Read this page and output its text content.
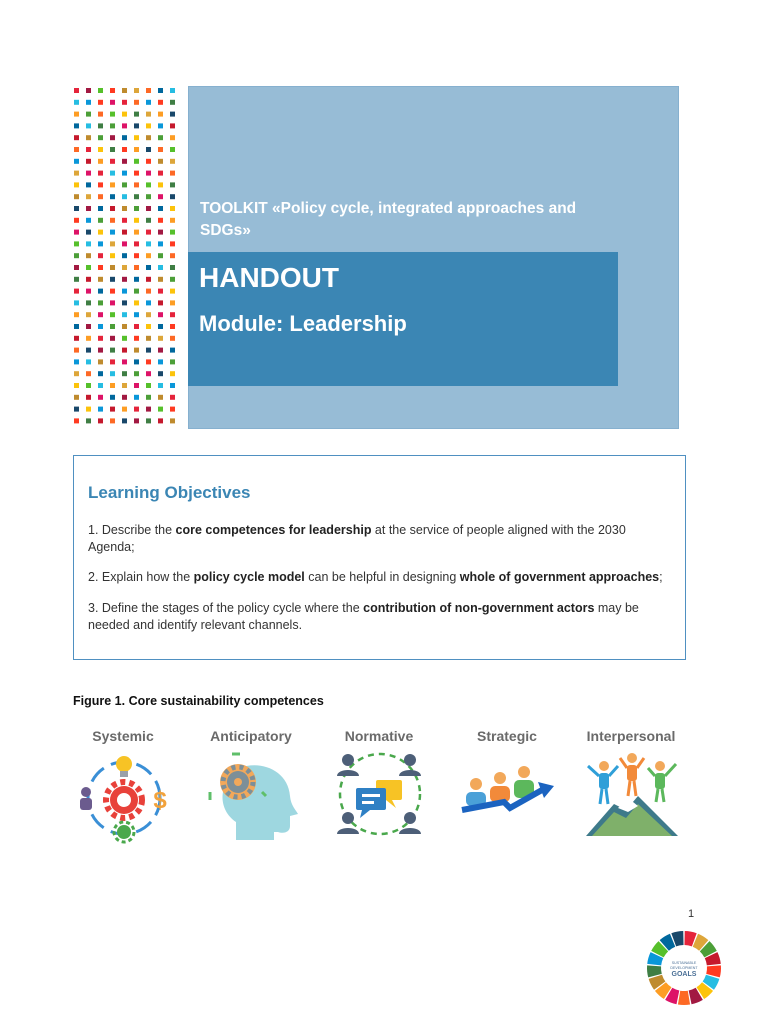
TOOLKIT «Policy cycle, integrated approaches and SDGs»
HANDOUT
Module: Leadership
Learning Objectives
1. Describe the core competences for leadership at the service of people aligned with the 2030 Agenda;
2. Explain how the policy cycle model can be helpful in designing whole of government approaches;
3. Define the stages of the policy cycle where the contribution of non-government actors may be needed and identify relevant channels.
Figure 1. Core sustainability competences
Systemic	Anticipatory	Normative	Strategic	Interpersonal
$
1
SUSTAINABLE
DEVELOPMENT
GOALS
